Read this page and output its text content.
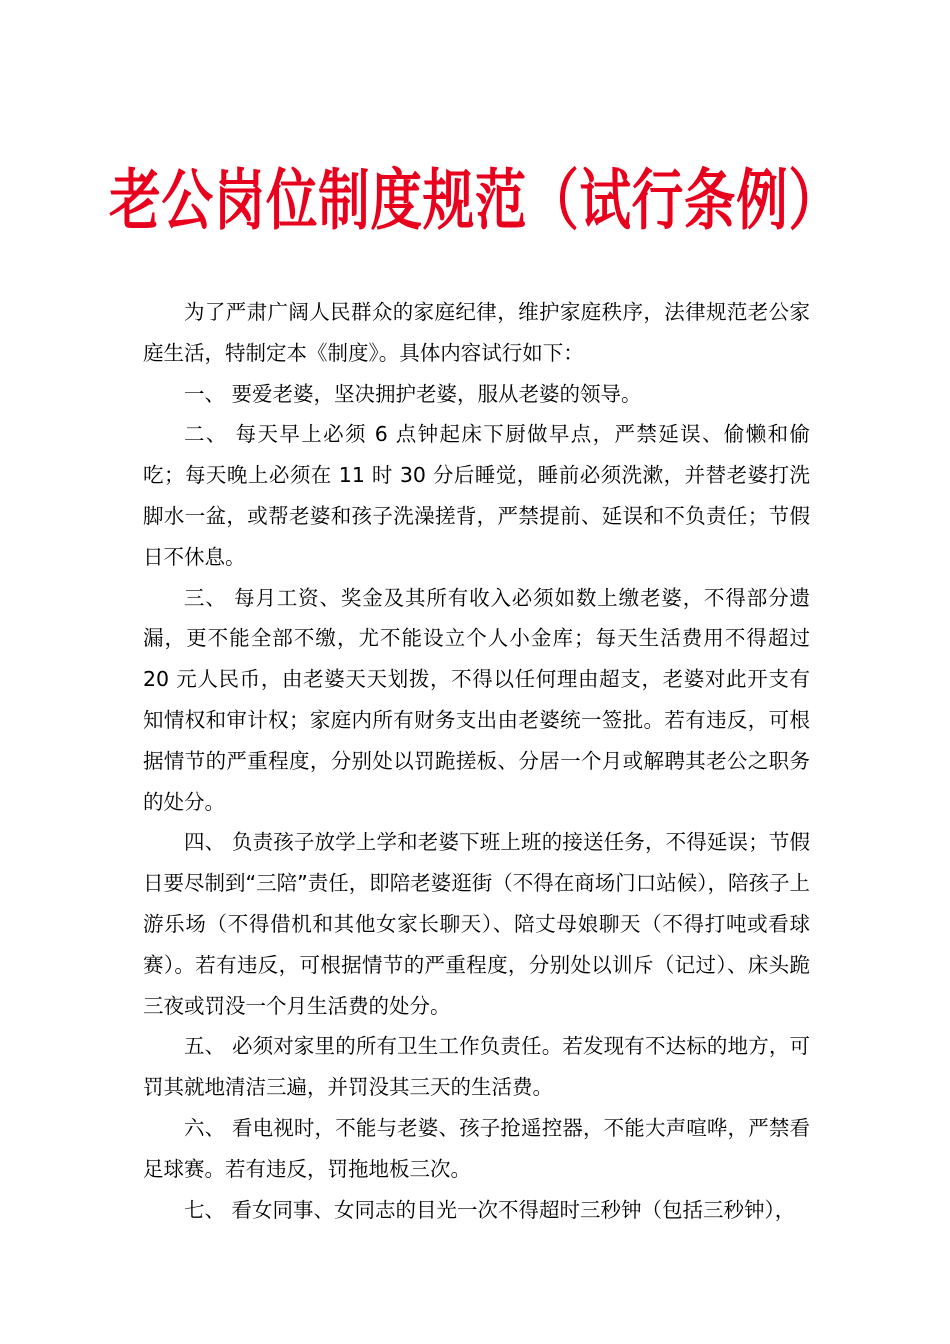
老公岗位制度规范（试行条例）

为了严肃广阔人民群众的家庭纪律，维护家庭秩序，法律规范老公家庭生活，特制定本《制度》。具体内容试行如下：

一、 要爱老婆，坚决拥护老婆，服从老婆的领导。

二、 每天早上必须 6 点钟起床下厨做早点，严禁延误、偷懒和偷吃；每天晚上必须在 11 时 30 分后睡觉，睡前必须洗漱，并替老婆打洗脚水一盆，或帮老婆和孩子洗澡搓背，严禁提前、延误和不负责任；节假日不休息。

三、 每月工资、奖金及其所有收入必须如数上缴老婆，不得部分遗漏，更不能全部不缴，尤不能设立个人小金库；每天生活费用不得超过 20 元人民币，由老婆天天划拨，不得以任何理由超支，老婆对此开支有知情权和审计权；家庭内所有财务支出由老婆统一签批。若有违反，可根据情节的严重程度，分别处以罚跪搓板、分居一个月或解聘其老公之职务的处分。

四、 负责孩子放学上学和老婆下班上班的接送任务，不得延误；节假日要尽制到“三陪”责任，即陪老婆逛街（不得在商场门口站候），陪孩子上游乐场（不得借机和其他女家长聊天）、陪丈母娘聊天（不得打吨或看球赛）。若有违反，可根据情节的严重程度，分别处以训斥（记过）、床头跪三夜或罚没一个月生活费的处分。

五、 必须对家里的所有卫生工作负责任。若发现有不达标的地方，可罚其就地清洁三遍，并罚没其三天的生活费。

六、 看电视时，不能与老婆、孩子抢遥控器，不能大声喧哗，严禁看足球赛。若有违反，罚拖地板三次。

七、 看女同事、女同志的目光一次不得超时三秒钟（包括三秒钟），
